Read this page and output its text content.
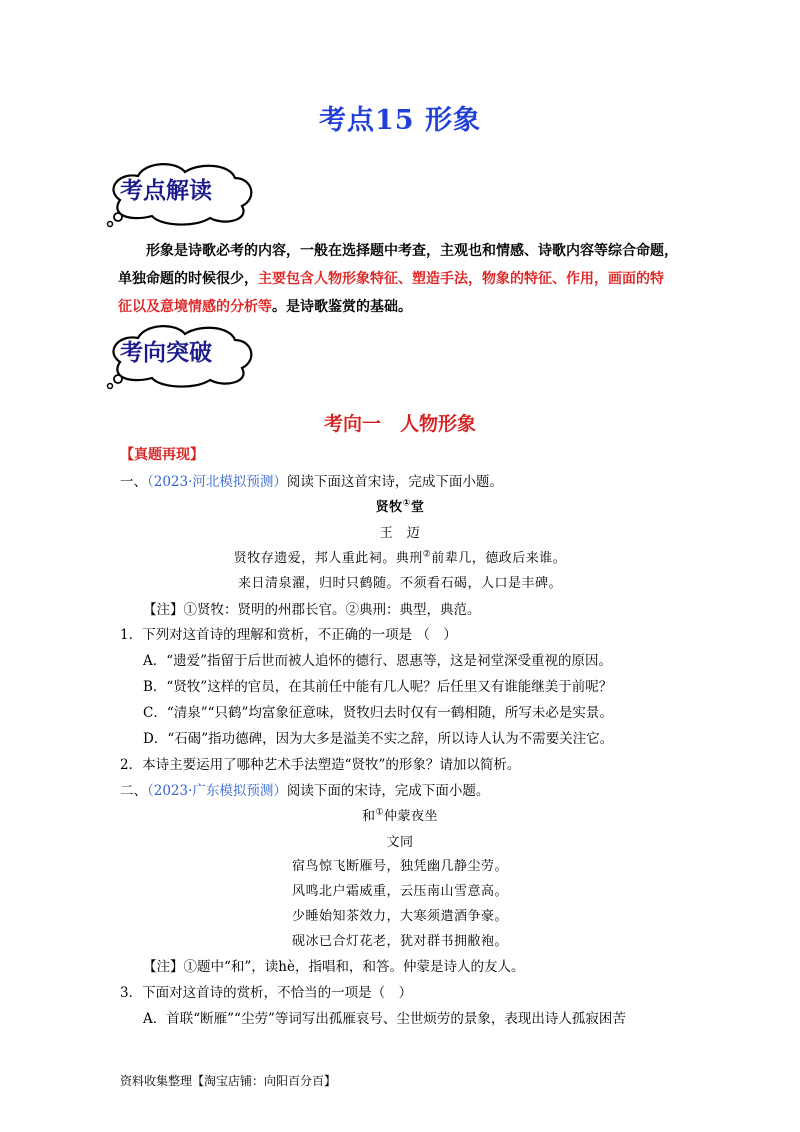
考点15 形象
考点解读
形象是诗歌必考的内容，一般在选择题中考查，主观也和情感、诗歌内容等综合命题，
单独命题的时候很少，主要包含人物形象特征、塑造手法，物象的特征、作用，画面的特
征以及意境情感的分析等。是诗歌鉴赏的基础。
考向突破
考向一　人物形象
【真题再现】
一、（2023·河北模拟预测）阅读下面这首宋诗，完成下面小题。
贤牧①堂
王　迈
贤牧存遗爱，邦人重此祠。典刑②前辈几，德政后来谁。
来日清泉濯，归时只鹤随。不须看石碣，人口是丰碑。
【注】①贤牧：贤明的州郡长官。②典刑：典型，典范。
1．下列对这首诗的理解和赏析，不正确的一项是 （　）
A．“遗爱”指留于后世而被人追怀的德行、恩惠等，这是祠堂深受重视的原因。
B．“贤牧”这样的官员，在其前任中能有几人呢？后任里又有谁能继美于前呢？
C．“清泉”“只鹤”均富象征意味，贤牧归去时仅有一鹤相随，所写未必是实景。
D．“石碣”指功德碑，因为大多是溢美不实之辞，所以诗人认为不需要关注它。
2．本诗主要运用了哪种艺术手法塑造“贤牧”的形象？请加以简析。
二、（2023·广东模拟预测）阅读下面的宋诗，完成下面小题。
和①仲蒙夜坐
文同
宿鸟惊飞断雁号，独凭幽几静尘劳。
风鸣北户霜威重，云压南山雪意高。
少睡始知茶效力，大寒须遣酒争豪。
砚冰已合灯花老，犹对群书拥敝袍。
【注】①题中“和”，读hè，指唱和，和答。仲蒙是诗人的友人。
3．下面对这首诗的赏析，不恰当的一项是（　）
A．首联“断雁”“尘劳”等词写出孤雁哀号、尘世烦劳的景象，表现出诗人孤寂困苦
资料收集整理【淘宝店铺：向阳百分百】
